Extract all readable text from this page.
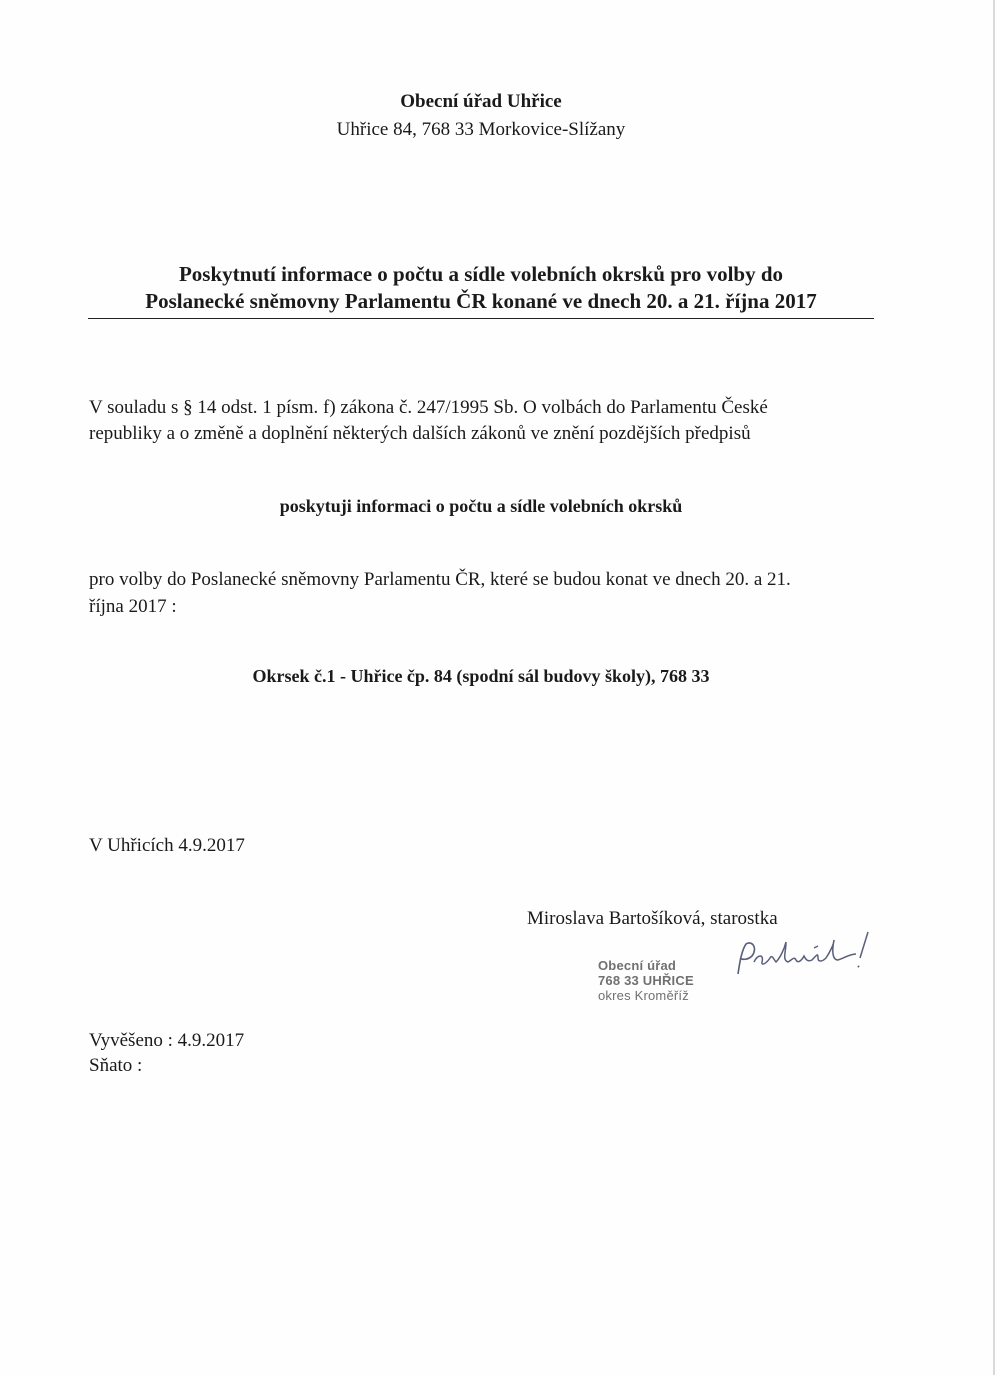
Obecní úřad Uhřice
Uhřice 84, 768 33 Morkovice-Slížany
Poskytnutí informace o počtu a sídle volebních okrsků pro volby do
Poslanecké sněmovny Parlamentu ČR konané ve dnech 20. a 21. října 2017
V souladu s § 14 odst. 1 písm. f) zákona č. 247/1995 Sb. O volbách do Parlamentu České
republiky a o změně a doplnění některých dalších zákonů ve znění pozdějších předpisů
poskytuji informaci o počtu a sídle volebních okrsků
pro volby do Poslanecké sněmovny Parlamentu ČR, které se budou konat ve dnech 20. a 21.
října 2017 :
Okrsek č.1 - Uhřice čp. 84 (spodní sál budovy školy), 768 33
V Uhřicích 4.9.2017
Miroslava Bartošíková, starostka
Obecní úřad
768 33 UHŘICE
okres Kroměříž
Vyvěšeno : 4.9.2017
Sňato :
